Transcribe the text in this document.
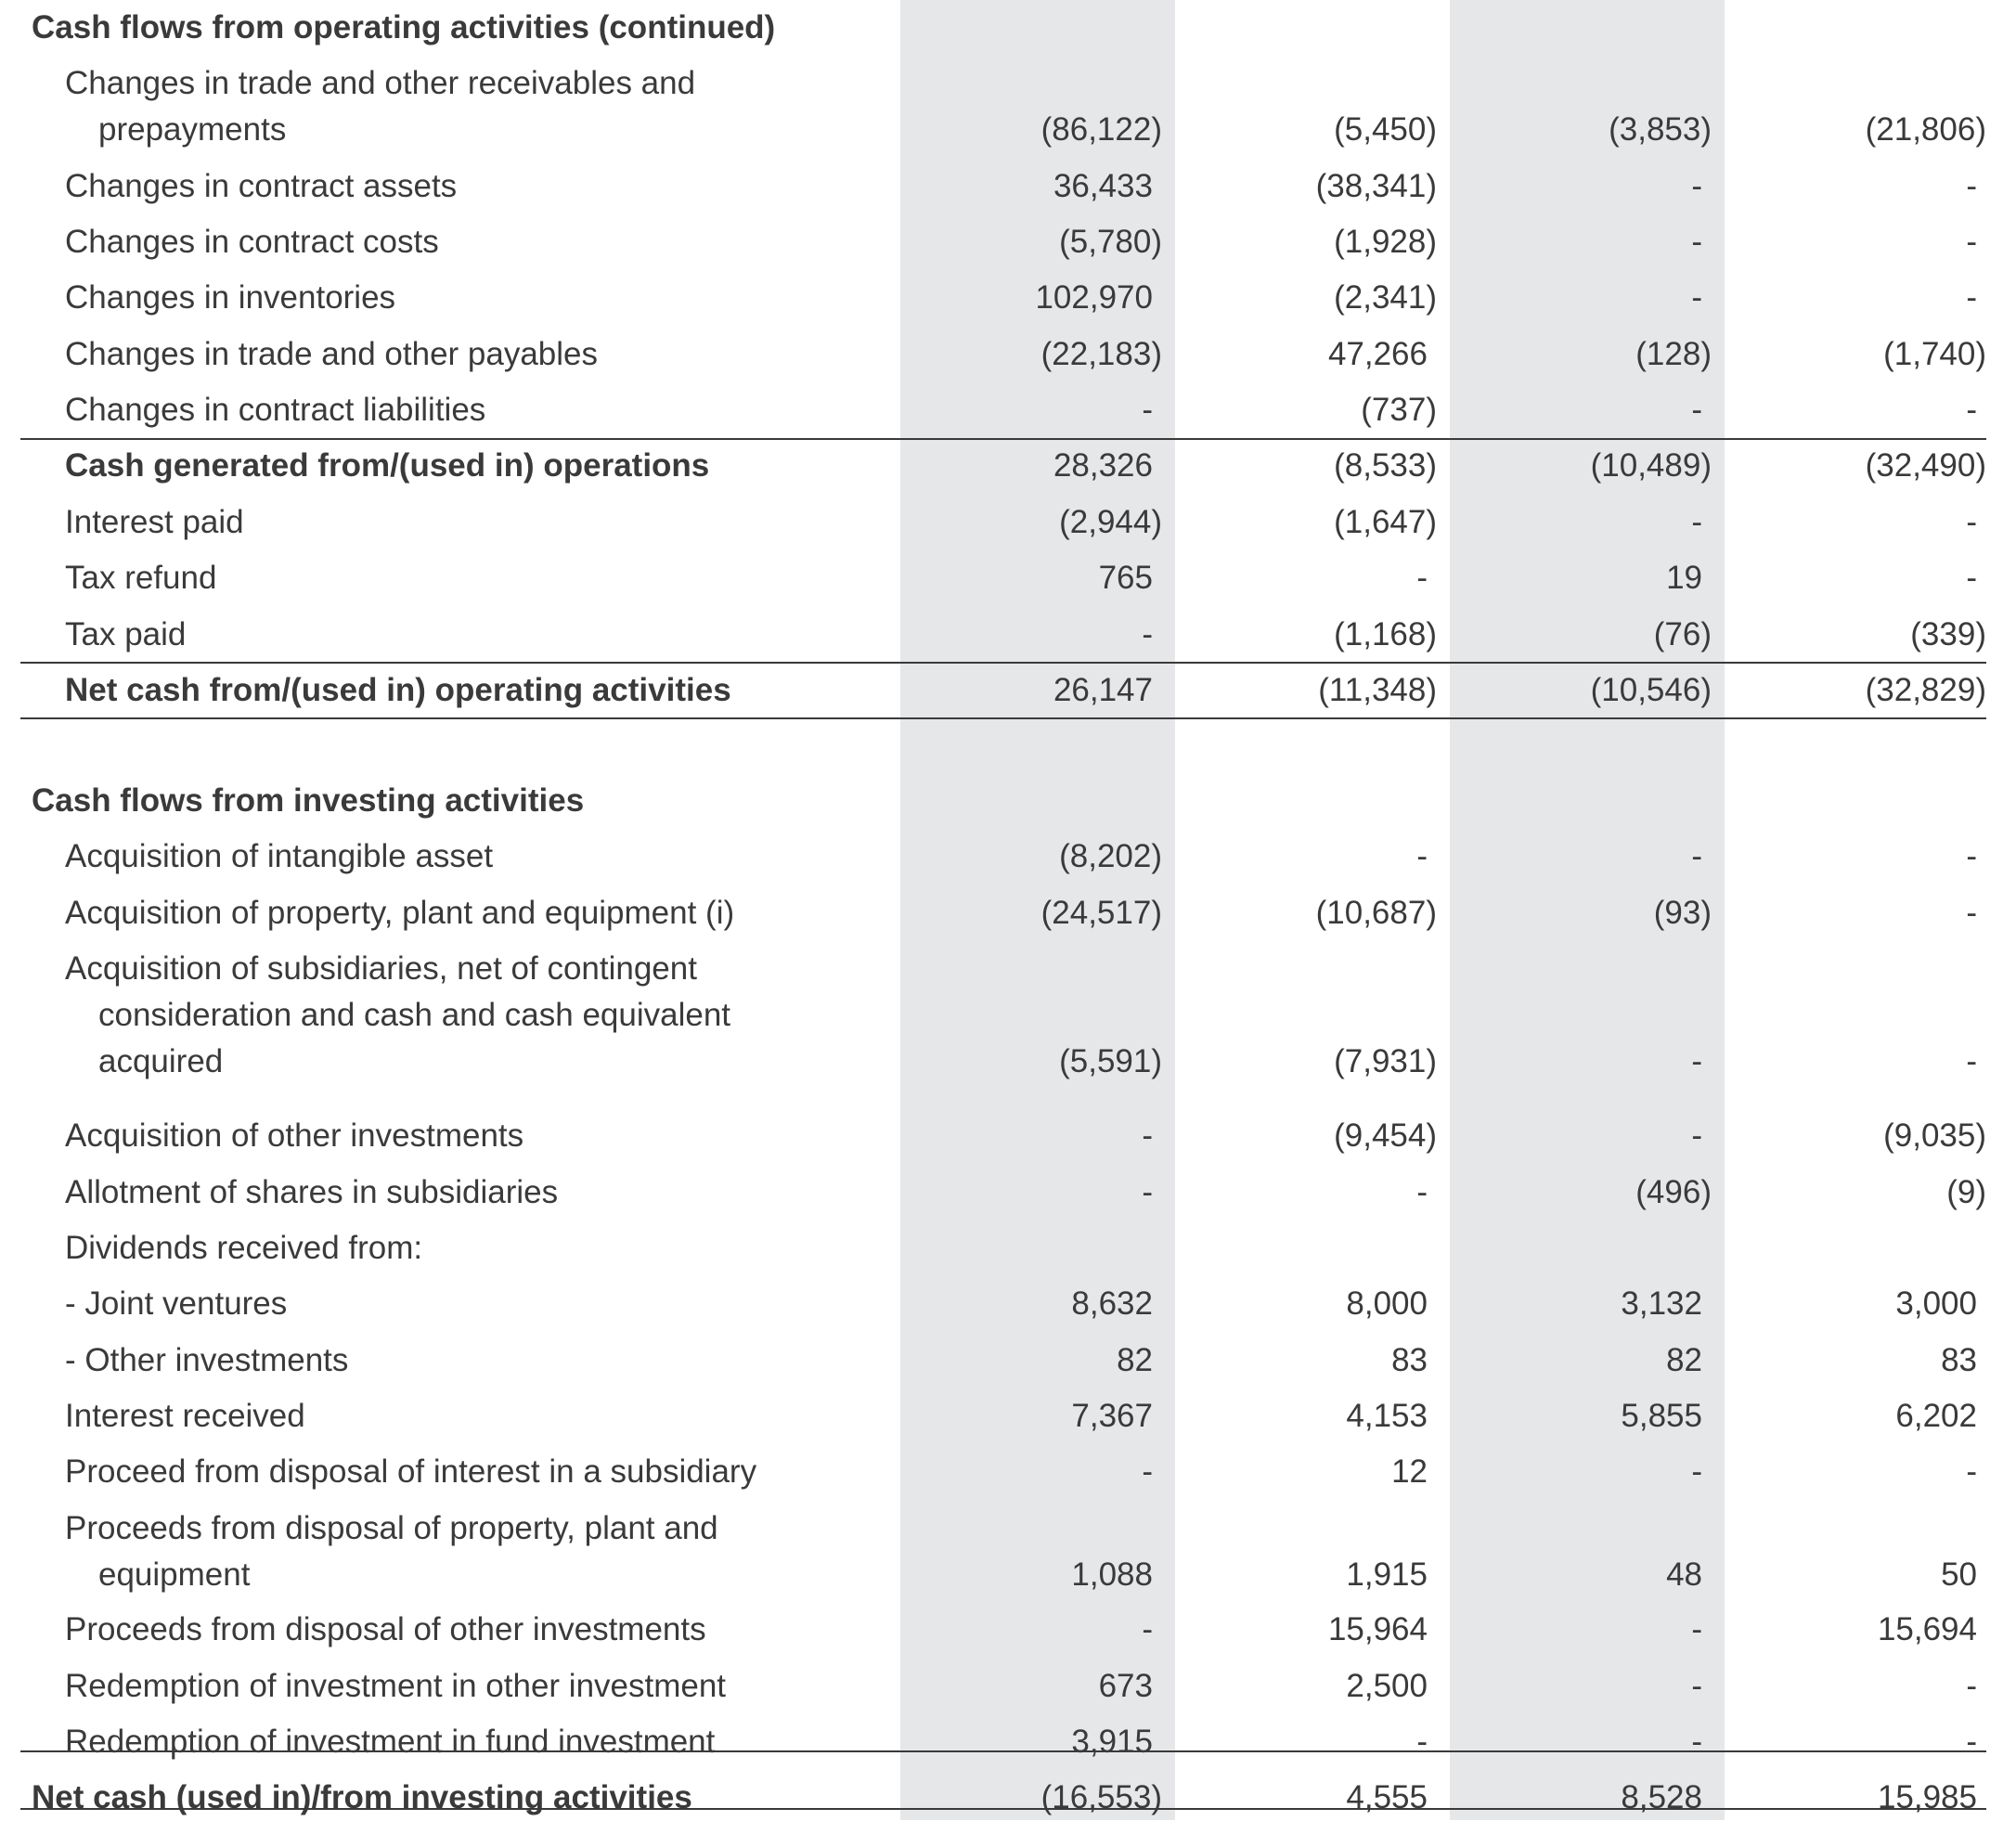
Cash flows from operating activities (continued)
Changes in trade and other receivables and
prepayments	(86,122)	(5,450)	(3,853)	(21,806)
Changes in contract assets	36,433	(38,341)	-	-
Changes in contract costs	(5,780)	(1,928)	-	-
Changes in inventories	102,970	(2,341)	-	-
Changes in trade and other payables	(22,183)	47,266	(128)	(1,740)
Changes in contract liabilities	-	(737)	-	-
Cash generated from/(used in) operations	28,326	(8,533)	(10,489)	(32,490)
Interest paid	(2,944)	(1,647)	-	-
Tax refund	765	-	19	-
Tax paid	-	(1,168)	(76)	(339)
Net cash from/(used in) operating activities	26,147	(11,348)	(10,546)	(32,829)
Cash flows from investing activities
Acquisition of intangible asset	(8,202)	-	-	-
Acquisition of property, plant and equipment (i)	(24,517)	(10,687)	(93)	-
Acquisition of subsidiaries, net of contingent
consideration and cash and cash equivalent
acquired	(5,591)	(7,931)	-	-
Acquisition of other investments	-	(9,454)	-	(9,035)
Allotment of shares in subsidiaries	-	-	(496)	(9)
Dividends received from:
- Joint ventures	8,632	8,000	3,132	3,000
- Other investments	82	83	82	83
Interest received	7,367	4,153	5,855	6,202
Proceed from disposal of interest in a subsidiary	-	12	-	-
Proceeds from disposal of property, plant and
equipment	1,088	1,915	48	50
Proceeds from disposal of other investments	-	15,964	-	15,694
Redemption of investment in other investment	673	2,500	-	-
Redemption of investment in fund investment	3,915	-	-	-
Net cash (used in)/from investing activities	(16,553)	4,555	8,528	15,985
